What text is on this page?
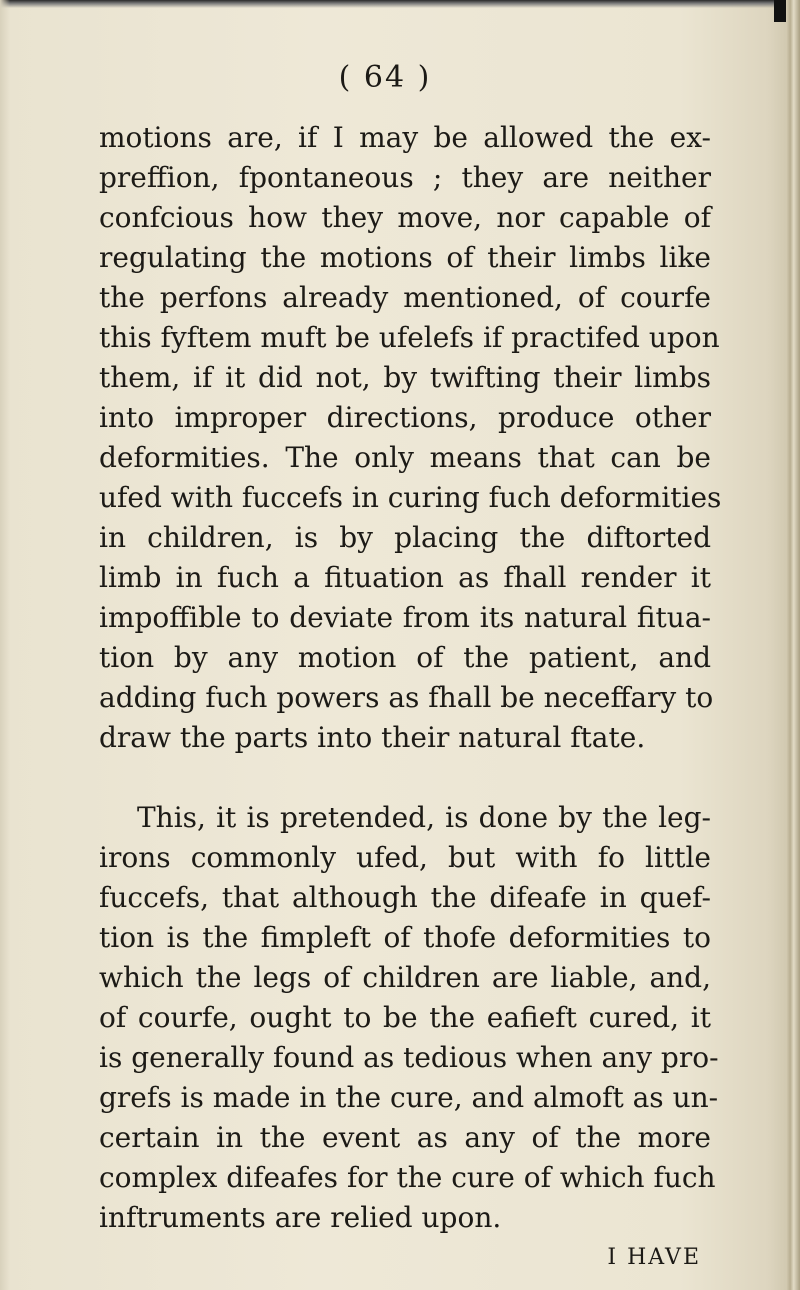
( 64 )
motions are, if I may be allowed the ex-
preffion, fpontaneous ; they are neither
confcious how they move, nor capable of
regulating the motions of their limbs like
the perfons already mentioned, of courfe
this fyftem muft be ufelefs if practifed upon
them, if it did not, by twifting their limbs
into improper directions, produce other
deformities. The only means that can be
ufed with fuccefs in curing fuch deformities
in children, is by placing the diftorted
limb in fuch a fituation as fhall render it
impoffible to deviate from its natural fitua-
tion by any motion of the patient, and
adding fuch powers as fhall be neceffary to
draw the parts into their natural ftate.
This, it is pretended, is done by the leg-
irons commonly ufed, but with fo little
fuccefs, that although the difeafe in quef-
tion is the fimpleft of thofe deformities to
which the legs of children are liable, and,
of courfe, ought to be the eafieft cured, it
is generally found as tedious when any pro-
grefs is made in the cure, and almoft as un-
certain in the event as any of the more
complex difeafes for the cure of which fuch
inftruments are relied upon.
I HAVE
